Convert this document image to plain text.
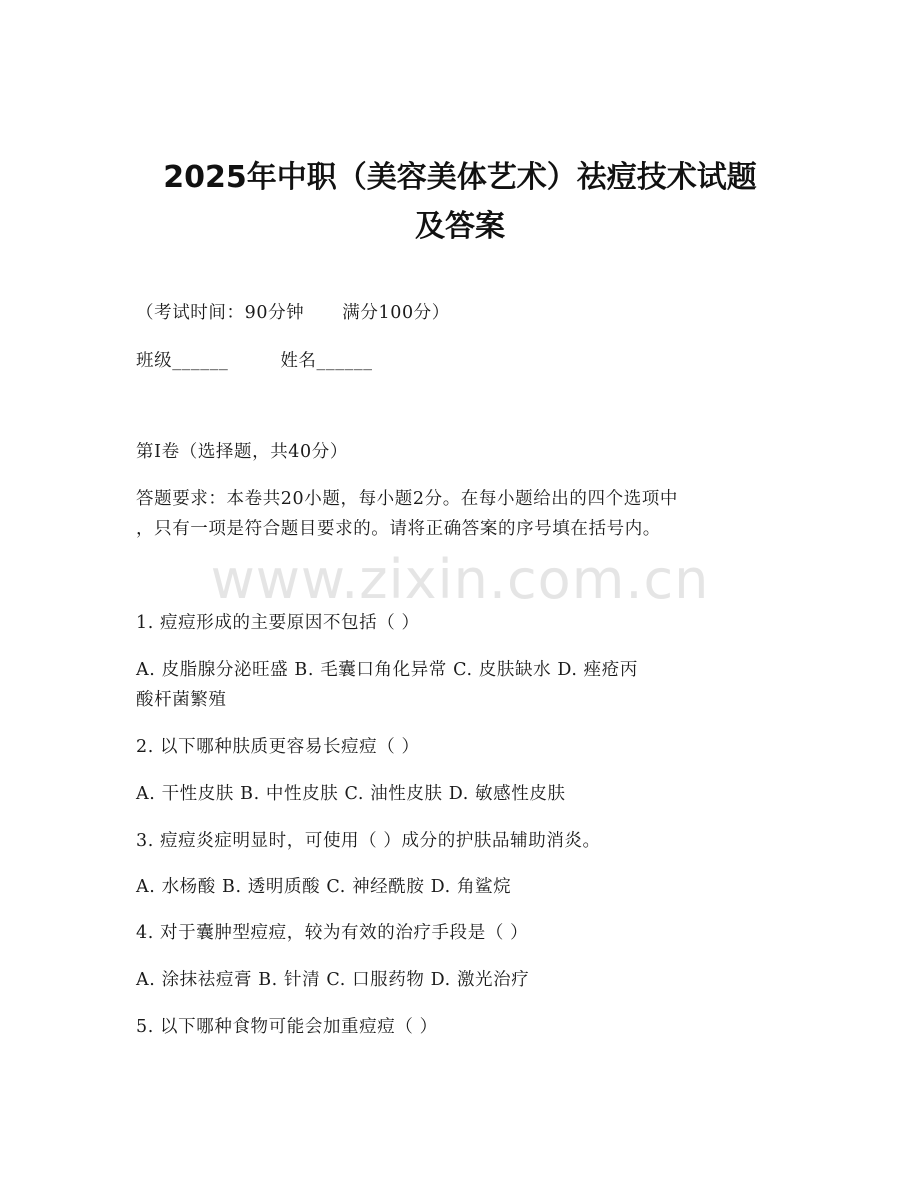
2025年中职（美容美体艺术）祛痘技术试题
及答案

（考试时间：90分钟 满分100分）

班级______	姓名______

第I卷（选择题，共40分）

答题要求：本卷共20小题，每小题2分。在每小题给出的四个选项中

，只有一项是符合题目要求的。请将正确答案的序号填在括号内。

www.zixin.com.cn

1. 痘痘形成的主要原因不包括（ ）

A. 皮脂腺分泌旺盛 B. 毛囊口角化异常 C. 皮肤缺水 D. 痤疮丙

酸杆菌繁殖

2. 以下哪种肤质更容易长痘痘（ ）

A. 干性皮肤 B. 中性皮肤 C. 油性皮肤 D. 敏感性皮肤

3. 痘痘炎症明显时，可使用（ ）成分的护肤品辅助消炎。

A. 水杨酸 B. 透明质酸 C. 神经酰胺 D. 角鲨烷

4. 对于囊肿型痘痘，较为有效的治疗手段是（ ）

A. 涂抹祛痘膏 B. 针清 C. 口服药物 D. 激光治疗

5. 以下哪种食物可能会加重痘痘（ ）
